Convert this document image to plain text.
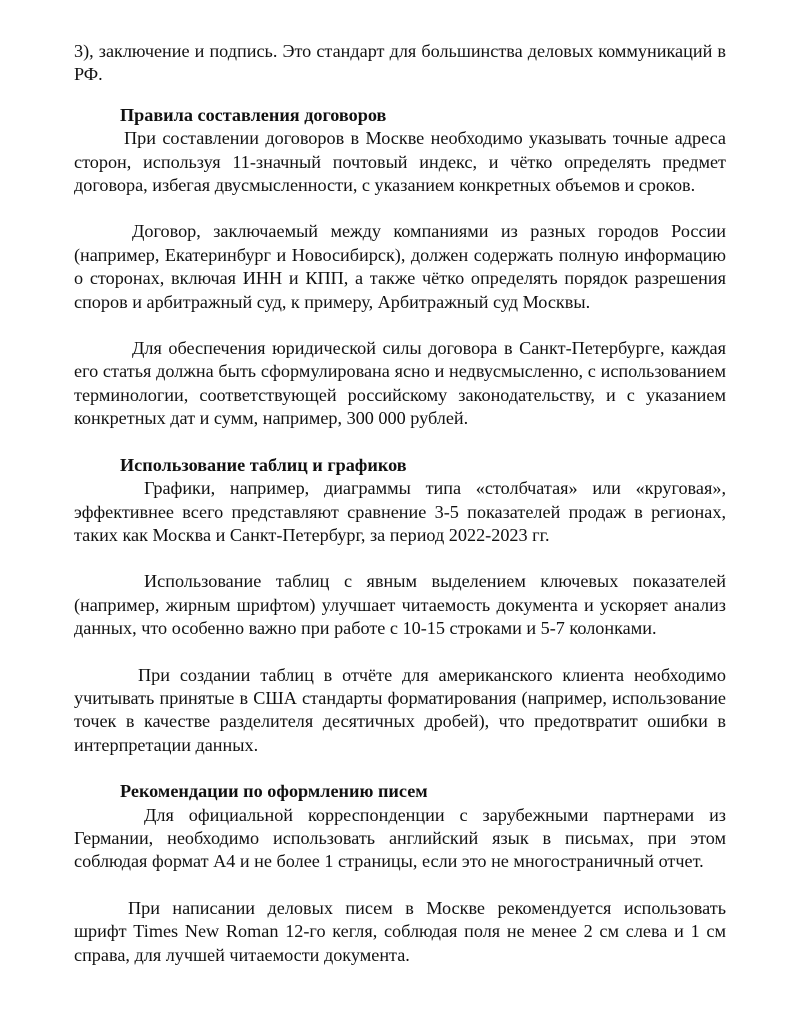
3), заключение и подпись. Это стандарт для большинства деловых коммуникаций в РФ.

Правила составления договоров

При составлении договоров в Москве необходимо указывать точные адреса сторон, используя 11-значный почтовый индекс, и чётко определять предмет договора, избегая двусмысленности, с указанием конкретных объемов и сроков.

Договор, заключаемый между компаниями из разных городов России (например, Екатеринбург и Новосибирск), должен содержать полную информацию о сторонах, включая ИНН и КПП, а также чётко определять порядок разрешения споров и арбитражный суд, к примеру, Арбитражный суд Москвы.

Для обеспечения юридической силы договора в Санкт-Петербурге, каждая его статья должна быть сформулирована ясно и недвусмысленно, с использованием терминологии, соответствующей российскому законодательству, и с указанием конкретных дат и сумм, например, 300 000 рублей.

Использование таблиц и графиков

Графики, например, диаграммы типа «столбчатая» или «круговая», эффективнее всего представляют сравнение 3-5 показателей продаж в регионах, таких как Москва и Санкт-Петербург, за период 2022-2023 гг.

Использование таблиц с явным выделением ключевых показателей (например, жирным шрифтом) улучшает читаемость документа и ускоряет анализ данных, что особенно важно при работе с 10-15 строками и 5-7 колонками.

При создании таблиц в отчёте для американского клиента необходимо учитывать принятые в США стандарты форматирования (например, использование точек в качестве разделителя десятичных дробей), что предотвратит ошибки в интерпретации данных.

Рекомендации по оформлению писем

Для официальной корреспонденции с зарубежными партнерами из Германии, необходимо использовать английский язык в письмах, при этом соблюдая формат А4 и не более 1 страницы, если это не многостраничный отчет.

При написании деловых писем в Москве рекомендуется использовать шрифт Times New Roman 12-го кегля, соблюдая поля не менее 2 см слева и 1 см справа, для лучшей читаемости документа.
